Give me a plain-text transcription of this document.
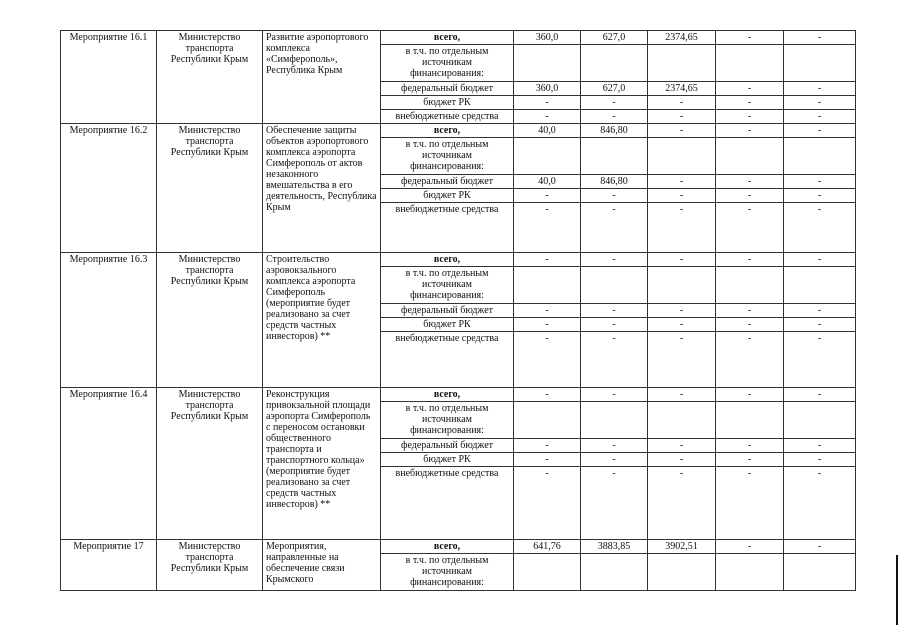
Мероприятие 16.1	Министерство транспорта Республики Крым	Развитие аэропортового комплекса «Симферополь», Республика Крым	всего,	360,0	627,0	2374,65	-	-
			в т.ч. по отдельным источникам финансирования:					
			федеральный бюджет	360,0	627,0	2374,65	-	-
			бюджет РК	-	-	-	-	-
			внебюджетные средства	-	-	-	-	-
Мероприятие 16.2	Министерство транспорта Республики Крым	Обеспечение защиты объектов аэропортового комплекса аэропорта Симферополь от актов незаконного вмешательства в его деятельность, Республика Крым	всего,	40,0	846,80	-	-	-
			в т.ч. по отдельным источникам финансирования:					
			федеральный бюджет	40,0	846,80	-	-	-
			бюджет РК	-	-	-	-	-
			внебюджетные средства	-	-	-	-	-
Мероприятие 16.3	Министерство транспорта Республики Крым	Строительство аэровокзального комплекса аэропорта Симферополь (мероприятие будет реализовано за счет средств частных инвесторов) **	всего,	-	-	-	-	-
			в т.ч. по отдельным источникам финансирования:					
			федеральный бюджет	-	-	-	-	-
			бюджет РК	-	-	-	-	-
			внебюджетные средства	-	-	-	-	-
Мероприятие 16.4	Министерство транспорта Республики Крым	Реконструкция привокзальной площади аэропорта Симферополь с переносом остановки общественного транспорта и транспортного кольца» (мероприятие будет реализовано за счет средств частных инвесторов) **	всего,	-	-	-	-	-
			в т.ч. по отдельным источникам финансирования:					
			федеральный бюджет	-	-	-	-	-
			бюджет РК	-	-	-	-	-
			внебюджетные средства	-	-	-	-	-
Мероприятие 17	Министерство транспорта Республики Крым	Мероприятия, направленные на обеспечение связи Крымского	всего,	641,76	3883,85	3902,51	-	-
			в т.ч. по отдельным источникам финансирования:					
